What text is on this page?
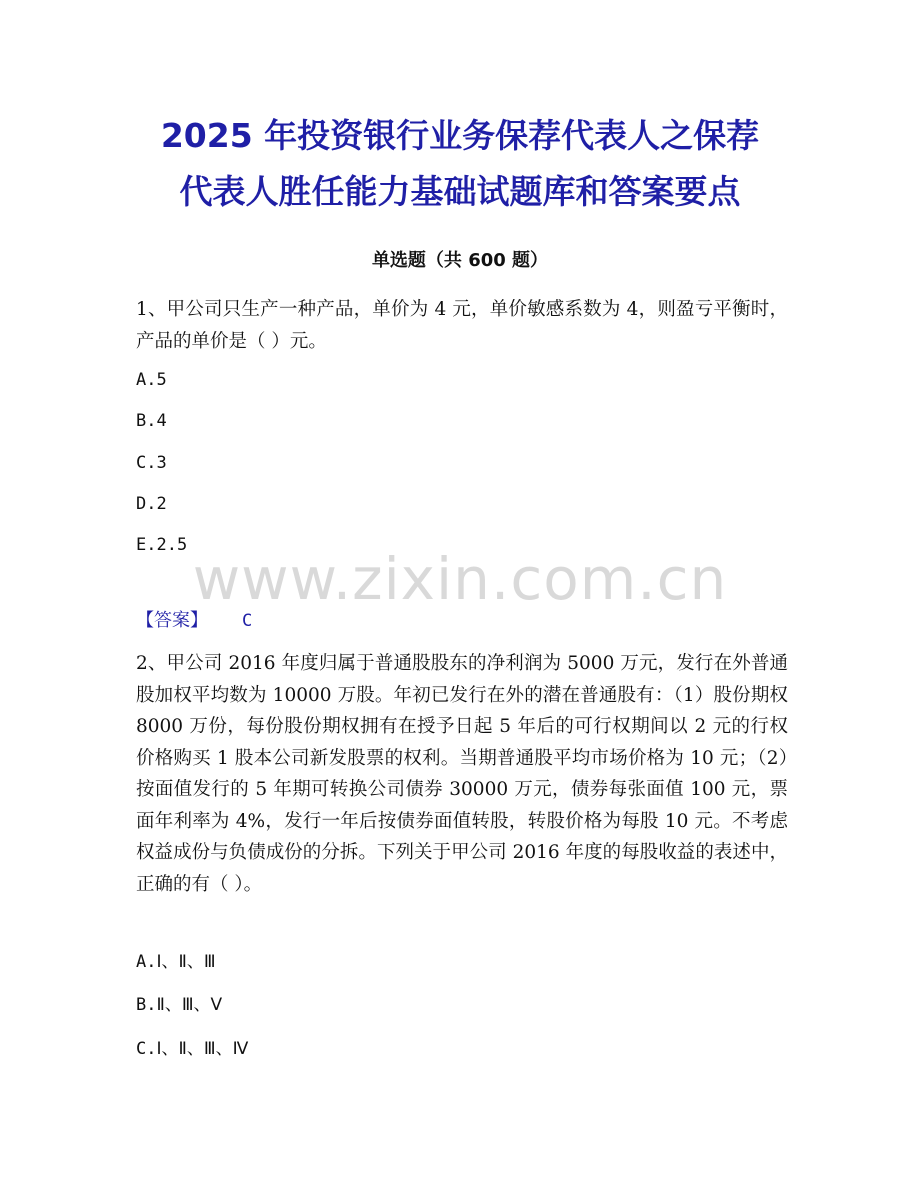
2025 年投资银行业务保荐代表人之保荐
代表人胜任能力基础试题库和答案要点
单选题（共 600 题）
1、甲公司只生产一种产品，单价为 4 元，单价敏感系数为 4，则盈亏平衡时，产品的单价是（ ）元。
A.5
B.4
C.3
D.2
E.2.5 www.zixin.com.cn
【答案】 C
2、甲公司 2016 年度归属于普通股股东的净利润为 5000 万元，发行在外普通股加权平均数为 10000 万股。年初已发行在外的潜在普通股有：（1）股份期权 8000 万份，每份股份期权拥有在授予日起 5 年后的可行权期间以 2 元的行权价格购买 1 股本公司新发股票的权利。当期普通股平均市场价格为 10 元；（2）按面值发行的 5 年期可转换公司债券 30000 万元，债券每张面值 100 元，票面年利率为 4%，发行一年后按债券面值转股，转股价格为每股 10 元。不考虑权益成份与负债成份的分拆。下列关于甲公司 2016 年度的每股收益的表述中，正确的有（ ）。
A.Ⅰ、Ⅱ、Ⅲ
B.Ⅱ、Ⅲ、Ⅴ
C.Ⅰ、Ⅱ、Ⅲ、Ⅳ
